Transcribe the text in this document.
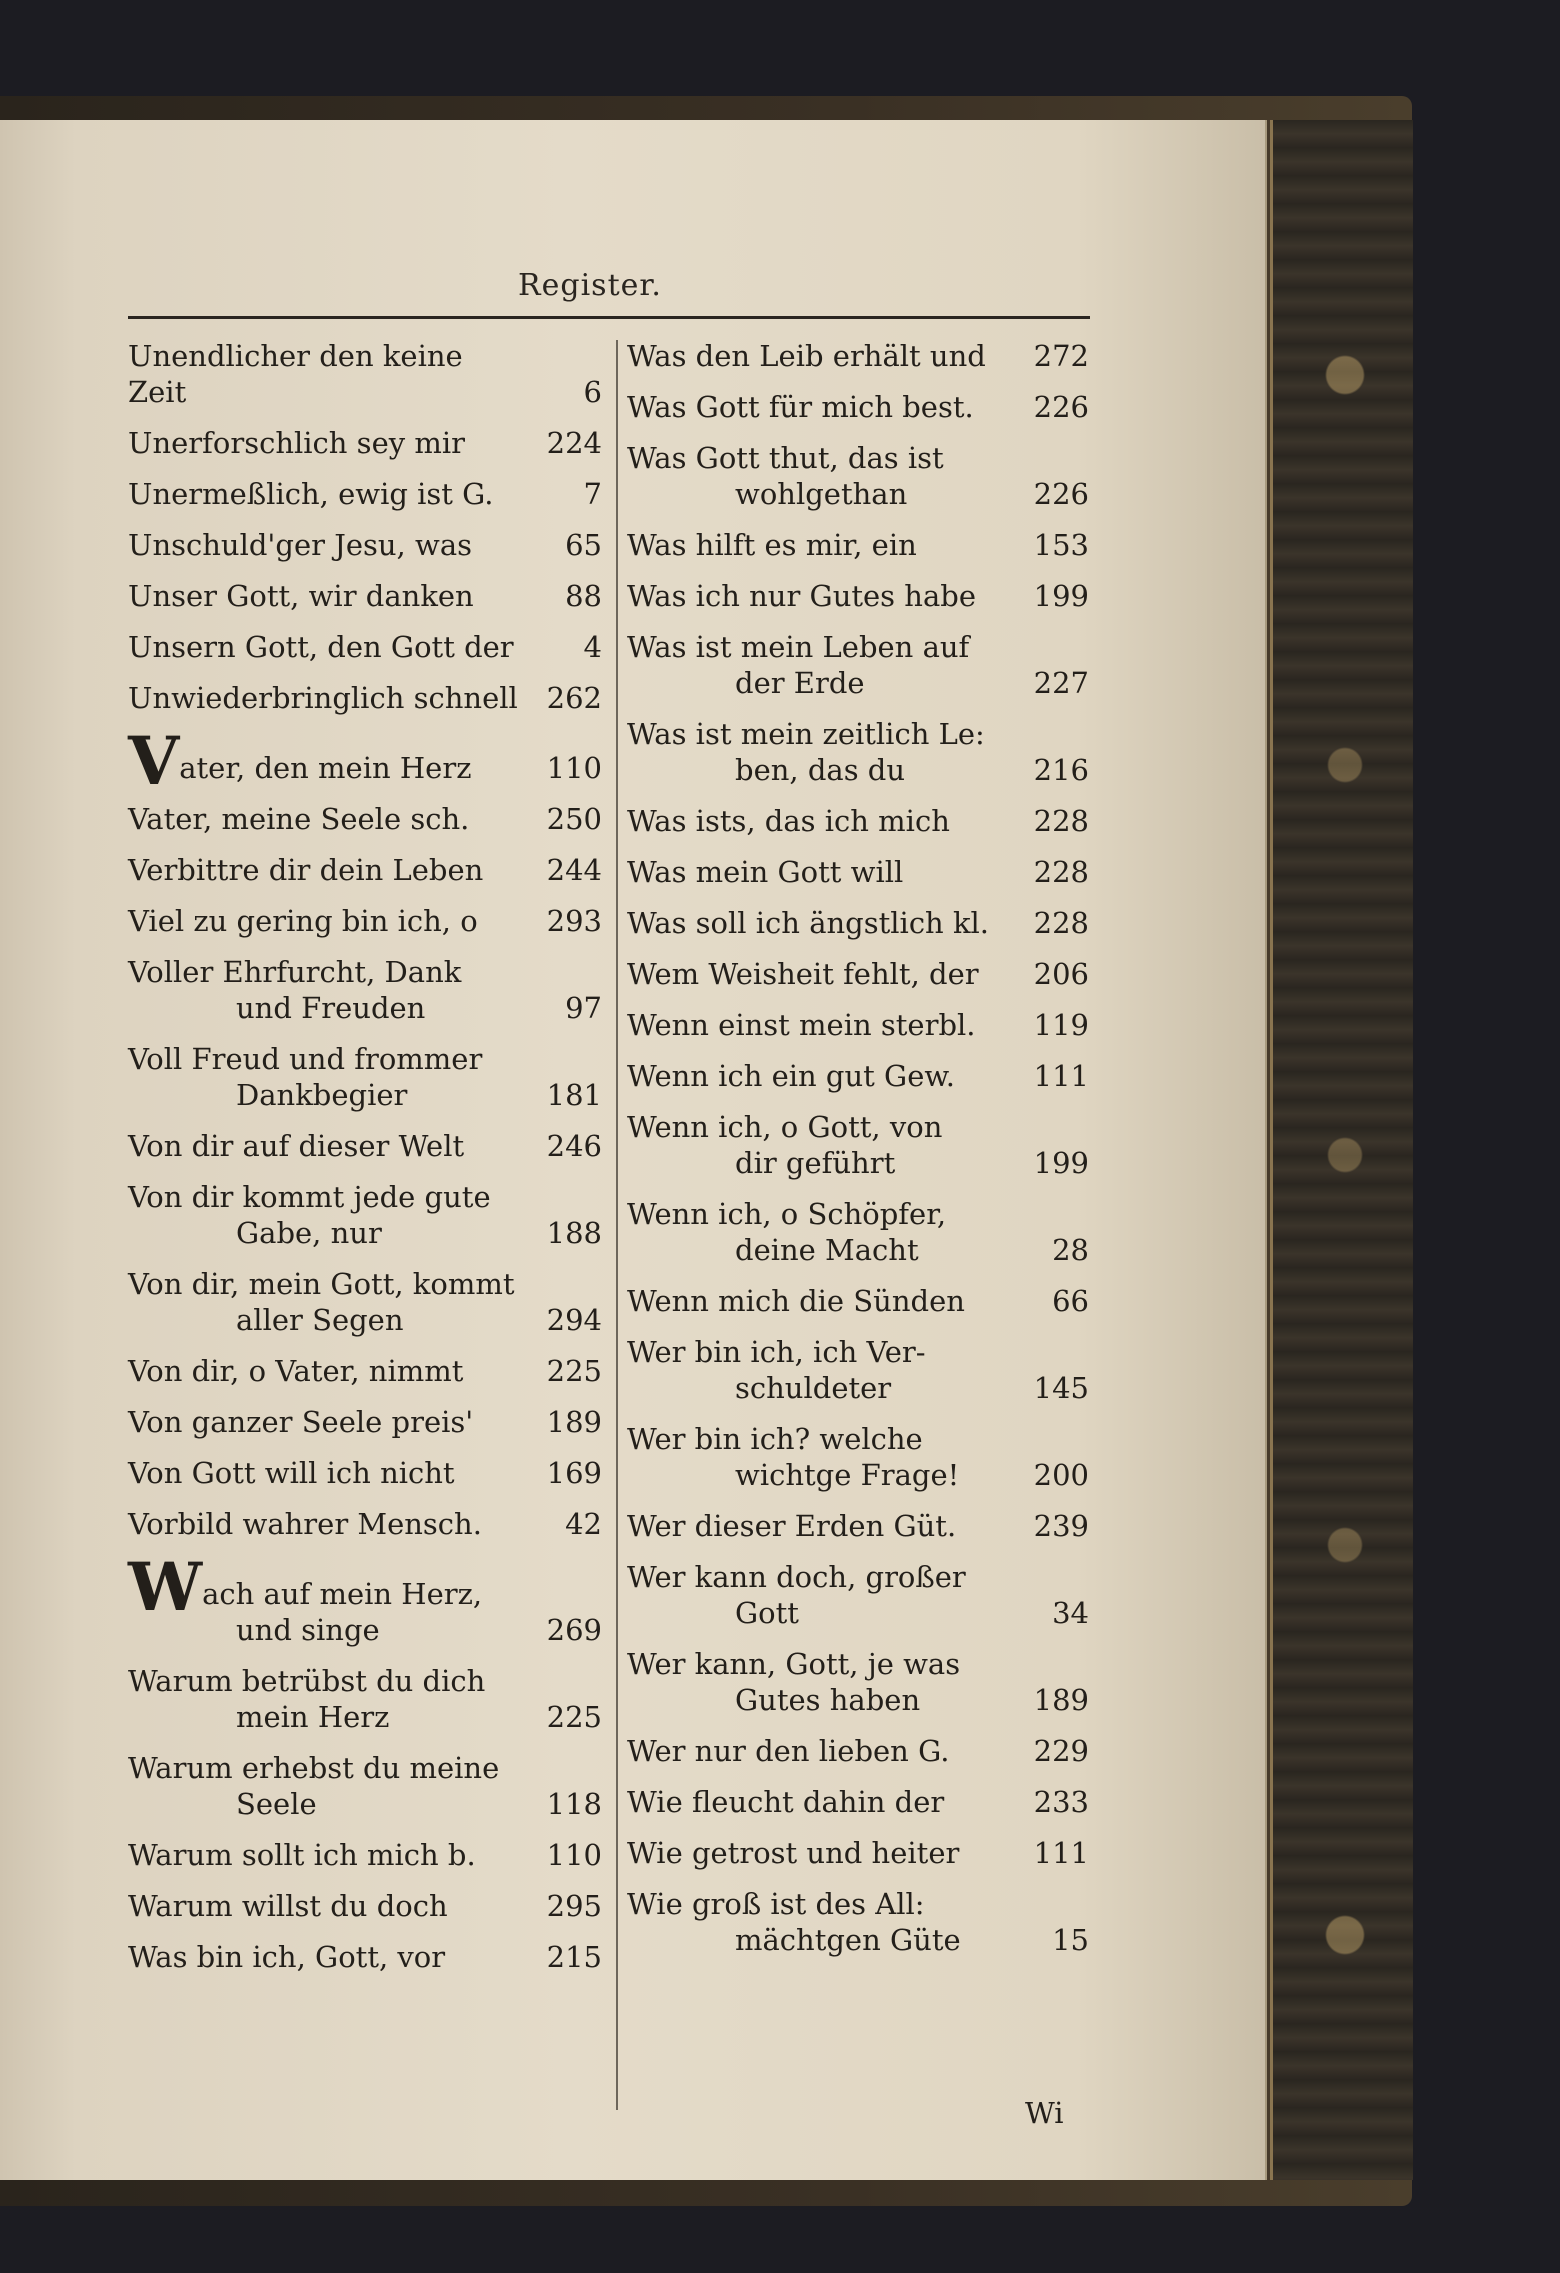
Register.
Unendlicher den keine Zeit	6
Unerforschlich sey mir	224
Unermeßlich, ewig ist G.	7
Unschuld'ger Jesu, was	65
Unser Gott, wir danken	88
Unsern Gott, den Gott der	4
Unwiederbringlich schnell 262
Vater, den mein Herz	110
Vater, meine Seele sch.	250
Verbittre dir dein Leben	244
Viel zu gering bin ich, o	293
Voller Ehrfurcht, Dank
und Freuden	97
Voll Freud und frommer
Dankbegier	181
Von dir auf dieser Welt	246
Von dir kommt jede gute
Gabe, nur	188
Von dir, mein Gott, kommt
aller Segen	294
Von dir, o Vater, nimmt	225
Von ganzer Seele preis'	189
Von Gott will ich nicht	169
Vorbild wahrer Mensch.	42
Wach auf mein Herz,
und singe	269
Warum betrübst du dich
mein Herz	225
Warum erhebst du meine
Seele	118
Warum sollt ich mich b.	110
Warum willst du doch	295
Was bin ich, Gott, vor	215
Was den Leib erhält und	272
Was Gott für mich best.	226
Was Gott thut, das ist
wohlgethan	226
Was hilft es mir, ein	153
Was ich nur Gutes habe	199
Was ist mein Leben auf
der Erde	227
Was ist mein zeitlich Le:
ben, das du	216
Was ists, das ich mich	228
Was mein Gott will	228
Was soll ich ängstlich kl.	228
Wem Weisheit fehlt, der	206
Wenn einst mein sterbl.	119
Wenn ich ein gut Gew.	111
Wenn ich, o Gott, von
dir geführt	199
Wenn ich, o Schöpfer,
deine Macht	28
Wenn mich die Sünden	66
Wer bin ich, ich Ver-
schuldeter	145
Wer bin ich? welche
wichtge Frage!	200
Wer dieser Erden Güt.	239
Wer kann doch, großer
Gott	34
Wer kann, Gott, je was
Gutes haben	189
Wer nur den lieben G.	229
Wie fleucht dahin der	233
Wie getrost und heiter	111
Wie groß ist des All:
mächtgen Güte	15
Wi
